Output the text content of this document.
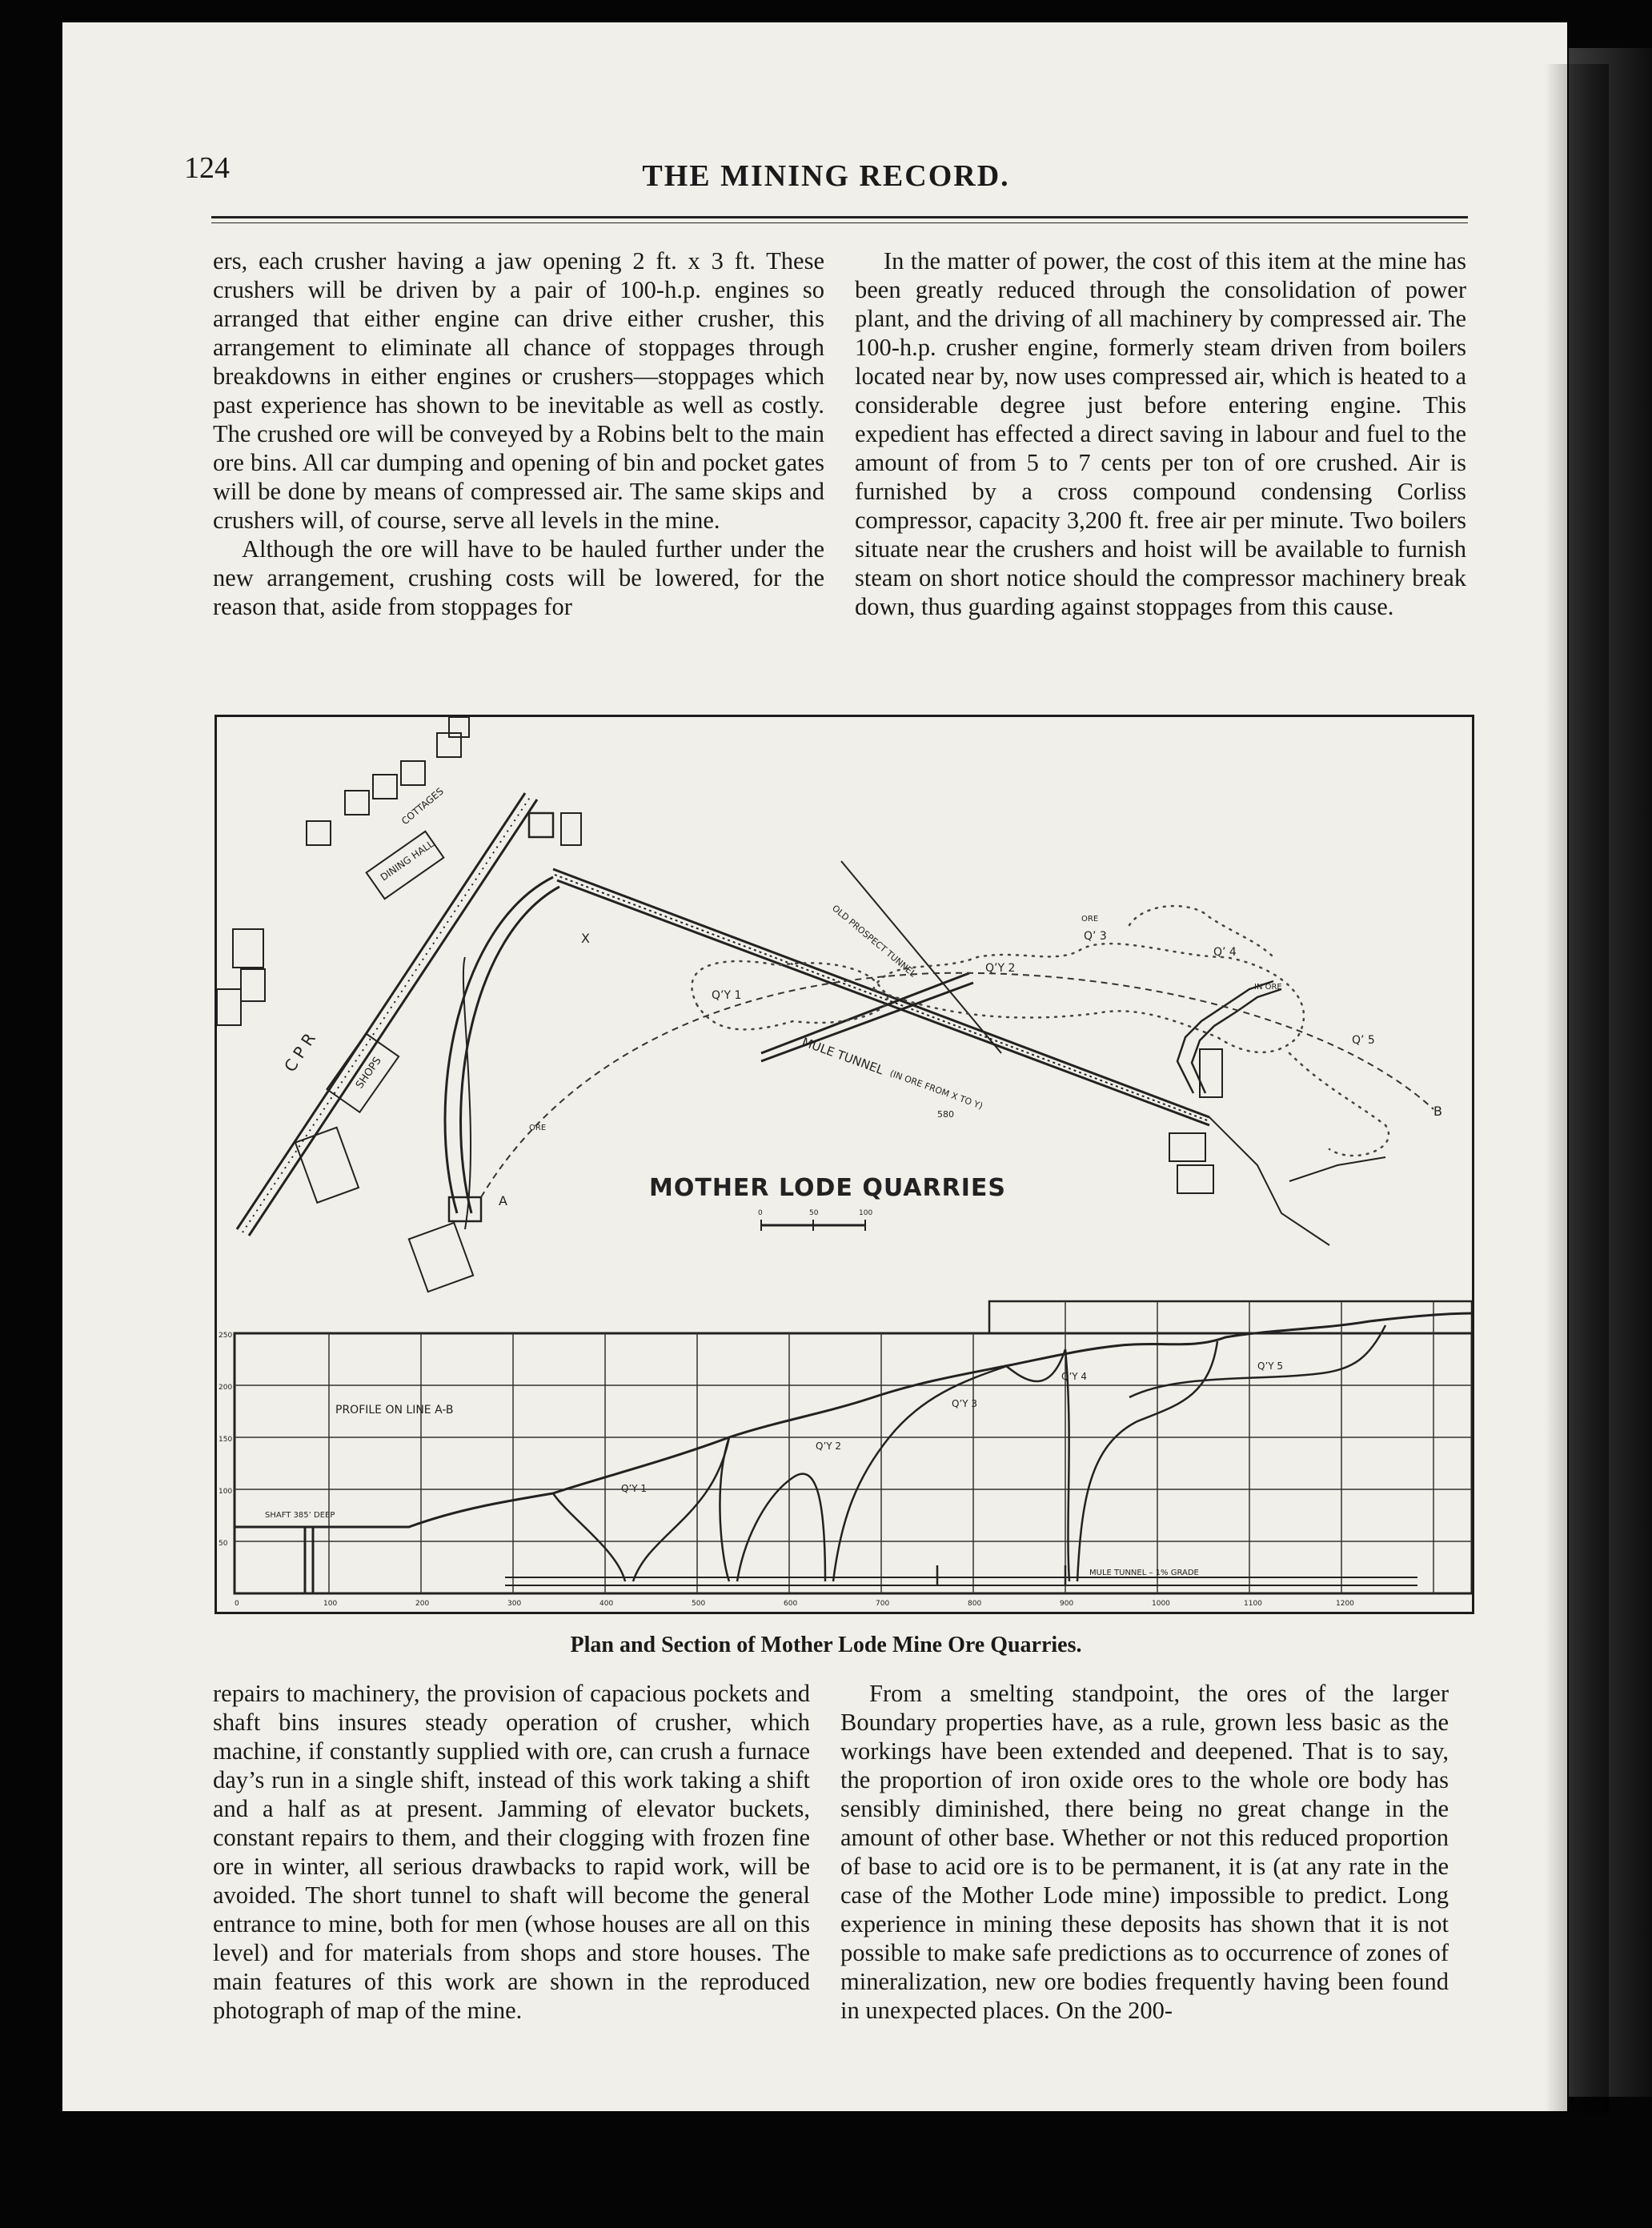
124	THE MINING RECORD.

ers, each crusher having a jaw opening 2 ft. x 3 ft. These crushers will be driven by a pair of 100-h.p. engines so arranged that either engine can drive either crusher, this arrangement to eliminate all chance of stoppages through breakdowns in either engines or crushers—stoppages which past experience has shown to be inevitable as well as costly. The crushed ore will be conveyed by a Robins belt to the main ore bins. All car dumping and opening of bin and pocket gates will be done by means of compressed air. The same skips and crushers will, of course, serve all levels in the mine.

Although the ore will have to be hauled further under the new arrangement, crushing costs will be lowered, for the reason that, aside from stoppages for

In the matter of power, the cost of this item at the mine has been greatly reduced through the consolidation of power plant, and the driving of all machinery by compressed air. The 100-h.p. crusher engine, formerly steam driven from boilers located near by, now uses compressed air, which is heated to a considerable degree just before entering engine. This expedient has effected a direct saving in labour and fuel to the amount of from 5 to 7 cents per ton of ore crushed. Air is furnished by a cross compound condensing Corliss compressor, capacity 3,200 ft. free air per minute. Two boilers situate near the crushers and hoist will be available to furnish steam on short notice should the compressor machinery break down, thus guarding against stoppages from this cause.

C P R
COTTAGES
DINING HALL
SHOPS	MULE TUNNEL
(IN ORE FROM X TO Y)
580
X	OLD PROSPECT TUNNEL
Q’Y 1
Q’Y 2
Q’ 3
Q’ 4
Q’ 5
ORE
IN ORE
ORE
B
A	MOTHER LODE QUARRIES
0	50	100
PROFILE ON LINE A-B
SHAFT 385’ DEEP
MULE TUNNEL – 1% GRADE
Q’Y 1
Q’Y 2
Q’Y 3
Q’Y 4
Q’Y 5
250
200
150
100
50
0	100	200	300	400	500	600	700	800	900	1000	1100	1200
Plan and Section of Mother Lode Mine Ore Quarries.

repairs to machinery, the provision of capacious pockets and shaft bins insures steady operation of crusher, which machine, if constantly supplied with ore, can crush a furnace day’s run in a single shift, instead of this work taking a shift and a half as at present. Jamming of elevator buckets, constant repairs to them, and their clogging with frozen fine ore in winter, all serious drawbacks to rapid work, will be avoided. The short tunnel to shaft will become the general entrance to mine, both for men (whose houses are all on this level) and for materials from shops and store houses. The main features of this work are shown in the reproduced photograph of map of the mine.

From a smelting standpoint, the ores of the larger Boundary properties have, as a rule, grown less basic as the workings have been extended and deepened. That is to say, the proportion of iron oxide ores to the whole ore body has sensibly diminished, there being no great change in the amount of other base. Whether or not this reduced proportion of base to acid ore is to be permanent, it is (at any rate in the case of the Mother Lode mine) impossible to predict. Long experience in mining these deposits has shown that it is not possible to make safe predictions as to occurrence of zones of mineralization, new ore bodies frequently having been found in unexpected places. On the 200-
